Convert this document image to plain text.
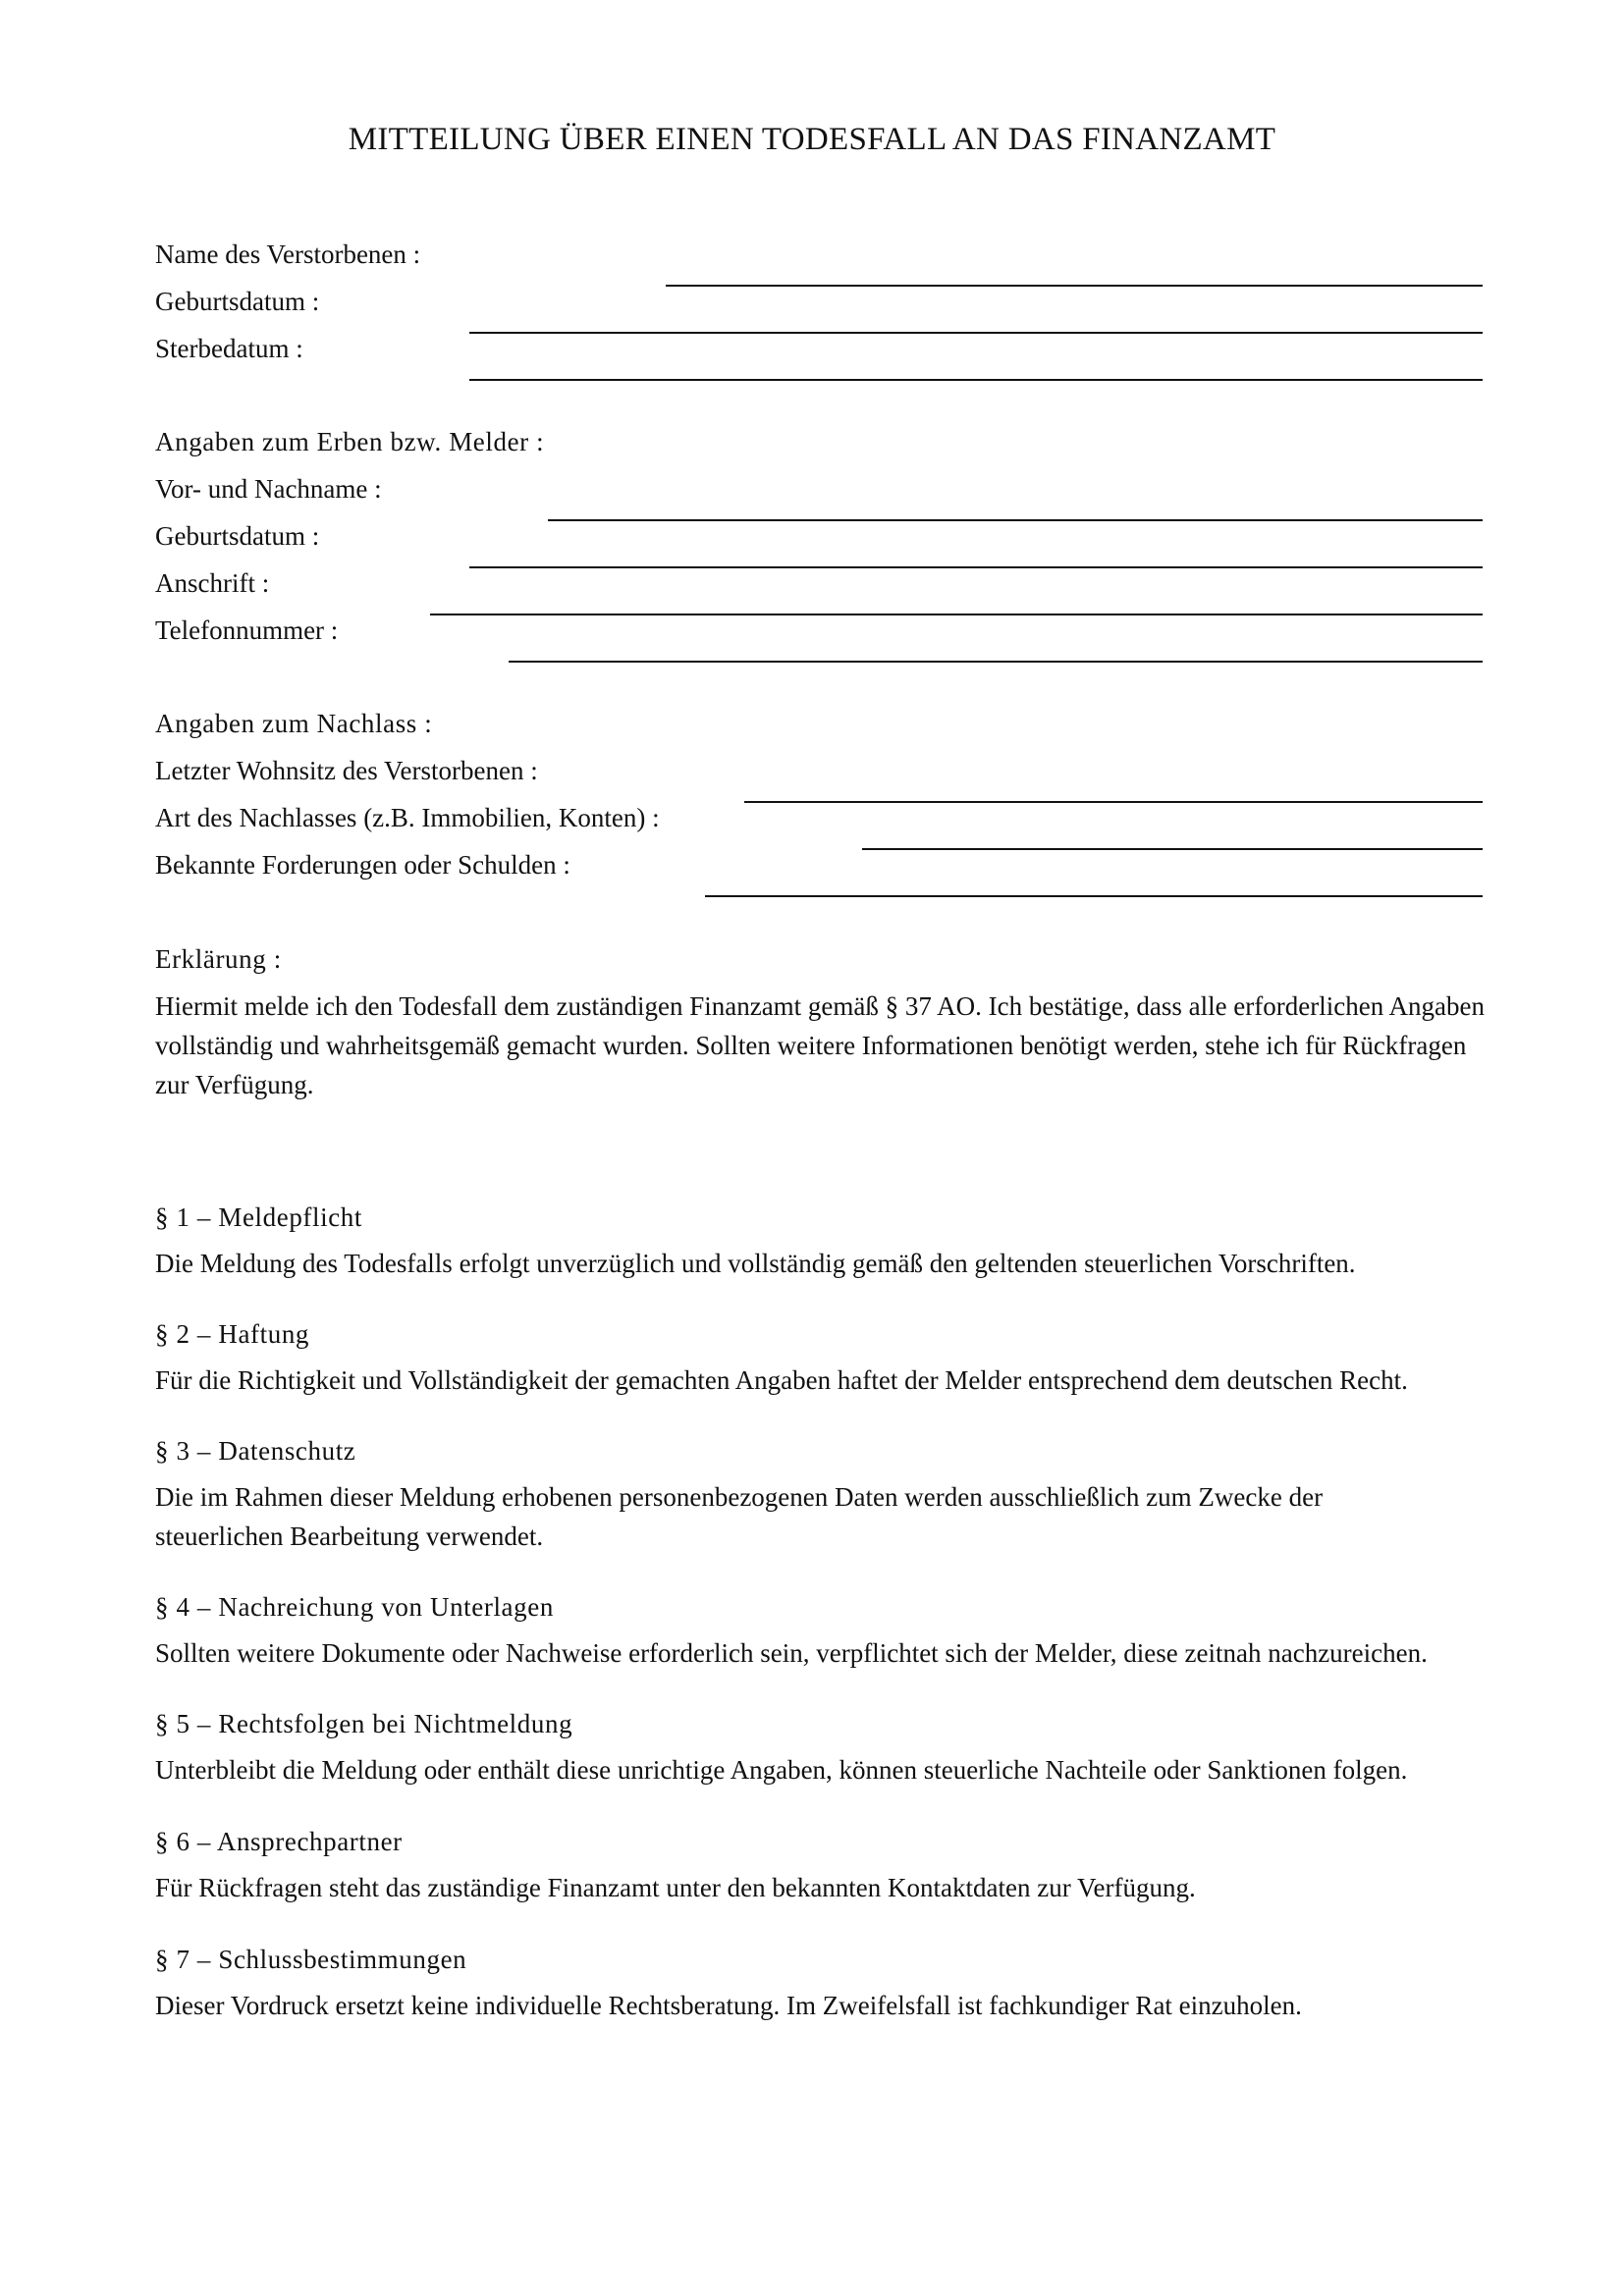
MITTEILUNG ÜBER EINEN TODESFALL AN DAS FINANZAMT
Name des Verstorbenen :
Geburtsdatum :
Sterbedatum :
Angaben zum Erben bzw. Melder :
Vor- und Nachname :
Geburtsdatum :
Anschrift :
Telefonnummer :
Angaben zum Nachlass :
Letzter Wohnsitz des Verstorbenen :
Art des Nachlasses (z.B. Immobilien, Konten) :
Bekannte Forderungen oder Schulden :
Erklärung :

Hiermit melde ich den Todesfall dem zuständigen Finanzamt gemäß § 37 AO. Ich bestätige, dass alle erforderlichen Angaben vollständig und wahrheitsgemäß gemacht wurden. Sollten weitere Informationen benötigt werden, stehe ich für Rückfragen zur Verfügung.

§ 1 – Meldepflicht

Die Meldung des Todesfalls erfolgt unverzüglich und vollständig gemäß den geltenden steuerlichen Vorschriften.

§ 2 – Haftung

Für die Richtigkeit und Vollständigkeit der gemachten Angaben haftet der Melder entsprechend dem deutschen Recht.

§ 3 – Datenschutz

Die im Rahmen dieser Meldung erhobenen personenbezogenen Daten werden ausschließlich zum Zwecke der steuerlichen Bearbeitung verwendet.

§ 4 – Nachreichung von Unterlagen

Sollten weitere Dokumente oder Nachweise erforderlich sein, verpflichtet sich der Melder, diese zeitnah nachzureichen.

§ 5 – Rechtsfolgen bei Nichtmeldung

Unterbleibt die Meldung oder enthält diese unrichtige Angaben, können steuerliche Nachteile oder Sanktionen folgen.

§ 6 – Ansprechpartner

Für Rückfragen steht das zuständige Finanzamt unter den bekannten Kontaktdaten zur Verfügung.

§ 7 – Schlussbestimmungen

Dieser Vordruck ersetzt keine individuelle Rechtsberatung. Im Zweifelsfall ist fachkundiger Rat einzuholen.
